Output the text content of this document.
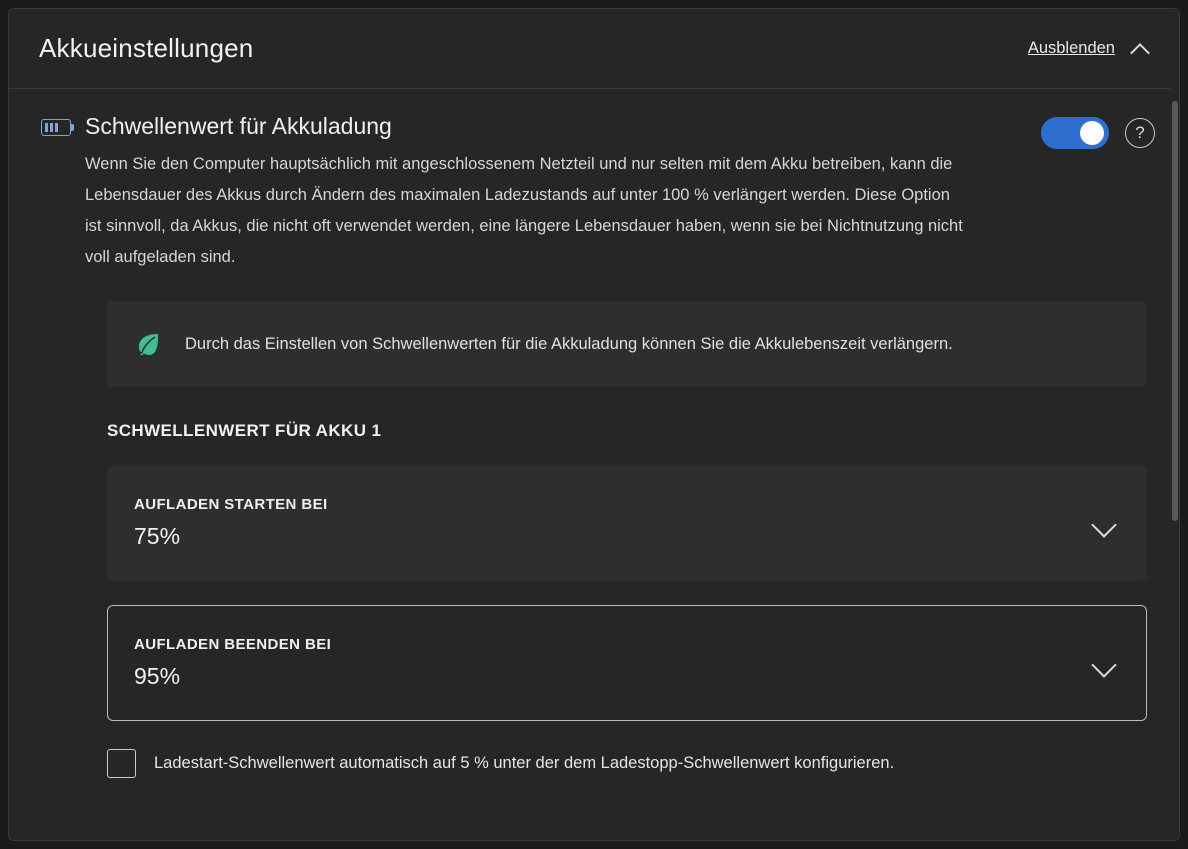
Akkueinstellungen	Ausblenden
Schwellenwert für Akkuladung

Wenn Sie den Computer hauptsächlich mit angeschlossenem Netzteil und nur selten mit dem Akku betreiben, kann die Lebensdauer des Akkus durch Ändern des maximalen Ladezustands auf unter 100 % verlängert werden. Diese Option ist sinnvoll, da Akkus, die nicht oft verwendet werden, eine längere Lebensdauer haben, wenn sie bei Nichtnutzung nicht voll aufgeladen sind.

?
Durch das Einstellen von Schwellenwerten für die Akkuladung können Sie die Akkulebenszeit verlängern.
SCHWELLENWERT FÜR AKKU 1
AUFLADEN STARTEN BEI
75%
AUFLADEN BEENDEN BEI
95%
Ladestart-Schwellenwert automatisch auf 5 % unter der dem Ladestopp-Schwellenwert konfigurieren.
